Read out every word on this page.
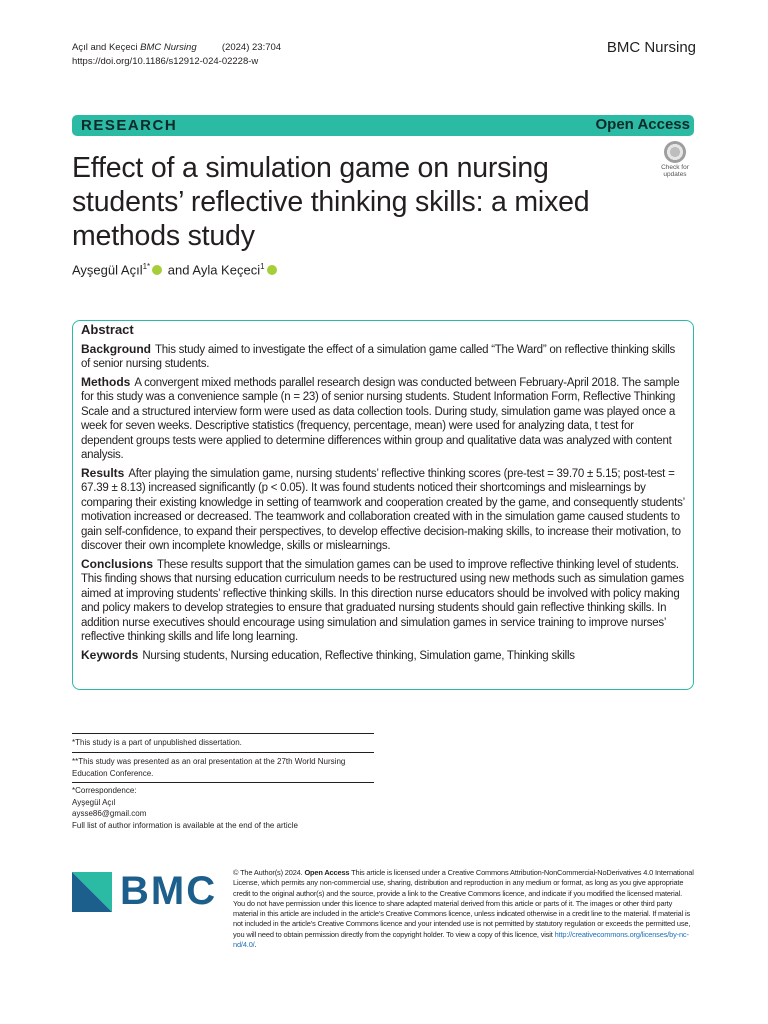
Açıl and Keçeci BMC Nursing	(2024) 23:704
https://doi.org/10.1186/s12912-024-02228-w
BMC Nursing
RESEARCH	Open Access
Effect of a simulation game on nursing students’ reflective thinking skills: a mixed methods study
Check for
updates
Ayşegül Açıl$^{1*}$ and Ayla Keçeci$^1$
Abstract

Background This study aimed to investigate the effect of a simulation game called “The Ward” on reflective thinking skills of senior nursing students.

Methods A convergent mixed methods parallel research design was conducted between February-April 2018. The sample for this study was a convenience sample (n = 23) of senior nursing students. Student Information Form, Reflective Thinking Scale and a structured interview form were used as data collection tools. During study, simulation game was played once a week for seven weeks. Descriptive statistics (frequency, percentage, mean) were used for analyzing data, t test for dependent groups tests were applied to determine differences within group and qualitative data was analyzed with content analysis.

Results After playing the simulation game, nursing students’ reflective thinking scores (pre-test = 39.70 ± 5.15; post-test = 67.39 ± 8.13) increased significantly (p < 0.05). It was found students noticed their shortcomings and mislearnings by comparing their existing knowledge in setting of teamwork and cooperation created by the game, and consequently students’ motivation increased or decreased. The teamwork and collaboration created with in the simulation game caused students to gain self-confidence, to expand their perspectives, to develop effective decision-making skills, to increase their motivation, to discover their own incomplete knowledge, skills or mislearnings.

Conclusions These results support that the simulation games can be used to improve reflective thinking level of students. This finding shows that nursing education curriculum needs to be restructured using new methods such as simulation games aimed at improving students’ reflective thinking skills. In this direction nurse educators should be involved with policy making and policy makers to develop strategies to ensure that graduated nursing students should gain reflective thinking skills. In addition nurse executives should encourage using simulation and simulation games in service training to improve nurses’ reflective thinking skills and life long learning.

Keywords Nursing students, Nursing education, Reflective thinking, Simulation game, Thinking skills

*This study is a part of unpublished dissertation.
**This study was presented as an oral presentation at the 27th World Nursing Education Conference.
*Correspondence:
Ayşegül Açıl
aysse86@gmail.com
Full list of author information is available at the end of the article
BMC © The Author(s) 2024. Open Access This article is licensed under a Creative Commons Attribution-NonCommercial-NoDerivatives 4.0 International License, which permits any non-commercial use, sharing, distribution and reproduction in any medium or format, as long as you give appropriate credit to the original author(s) and the source, provide a link to the Creative Commons licence, and indicate if you modified the licensed material. You do not have permission under this licence to share adapted material derived from this article or parts of it. The images or other third party material in this article are included in the article’s Creative Commons licence, unless indicated otherwise in a credit line to the material. If material is not included in the article’s Creative Commons licence and your intended use is not permitted by statutory regulation or exceeds the permitted use, you will need to obtain permission directly from the copyright holder. To view a copy of this licence, visit http://creativecommons.org/licenses/by-nc-nd/4.0/.
